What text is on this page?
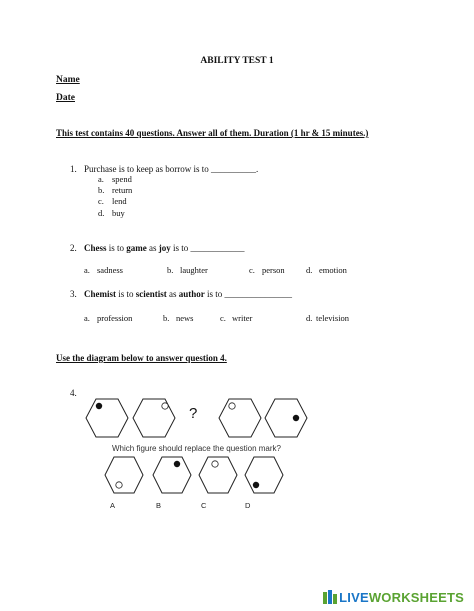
ABILITY TEST 1
Name
Date
This test contains 40 questions. Answer all of them. Duration (1 hr & 15 minutes.)
1. Purchase is to keep as borrow is to __________.
a. spend
b. return
c. lend
d. buy
2. Chess is to game as joy is to ____________
a. sadness	b. laughter	c. person	d. emotion
3. Chemist is to scientist as author is to _______________
a. profession	b. news	c. writer	d. television
Use the diagram below to answer question 4.
4.
?
Which figure should replace the question mark?
A	B	C	D
LIVEWORKSHEETS
